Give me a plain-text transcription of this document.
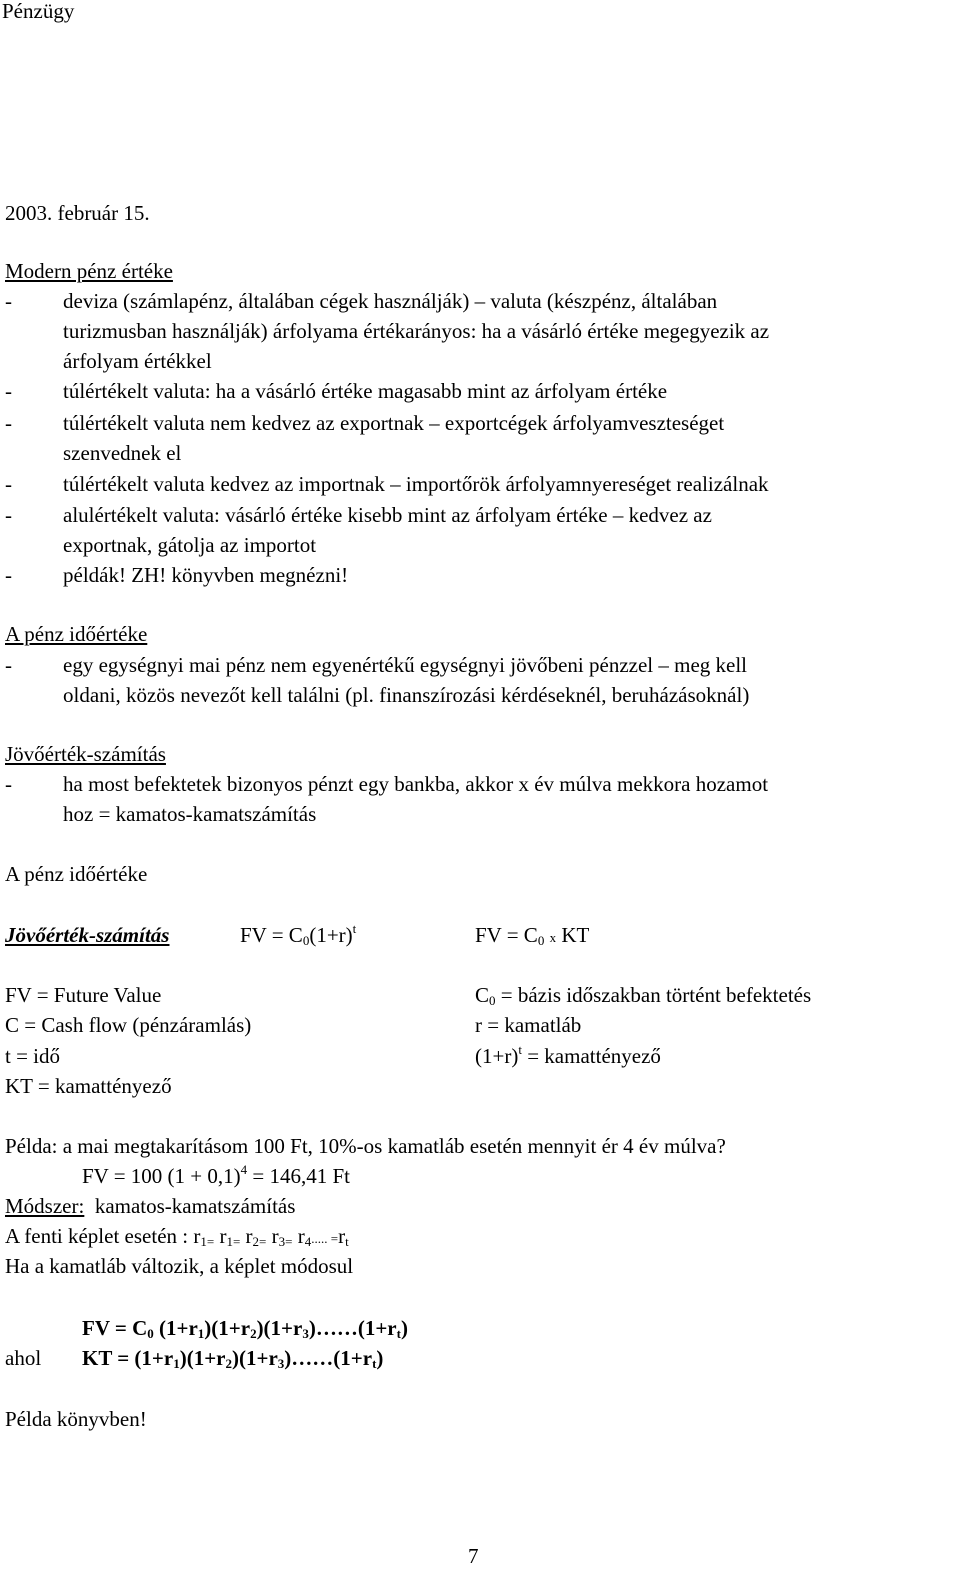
Pénzügy
2003. február 15.
Modern pénz értéke
- deviza (számlapénz, általában cégek használják) – valuta (készpénz, általában
turizmusban használják) árfolyama értékarányos: ha a vásárló értéke megegyezik az
árfolyam értékkel
- túlértékelt valuta: ha a vásárló értéke magasabb mint az árfolyam értéke
- túlértékelt valuta nem kedvez az exportnak – exportcégek árfolyamveszteséget
szenvednek el
- túlértékelt valuta kedvez az importnak – importőrök árfolyamnyereséget realizálnak
- alulértékelt valuta: vásárló értéke kisebb mint az árfolyam értéke – kedvez az
exportnak, gátolja az importot
- példák! ZH! könyvben megnézni!
A pénz időértéke
- egy egységnyi mai pénz nem egyenértékű egységnyi jövőbeni pénzzel – meg kell
oldani, közös nevezőt kell találni (pl. finanszírozási kérdéseknél, beruházásoknál)
Jövőérték-számítás
- ha most befektetek bizonyos pénzt egy bankba, akkor x év múlva mekkora hozamot
hoz = kamatos-kamatszámítás
A pénz időértéke
Jövőérték-számítás	FV = $C_0(1+r)^t$	FV = $C_0$ x KT
FV = Future Value
C = Cash flow (pénzáramlás)
t = idő
KT = kamattényező
$C_0$ = bázis időszakban történt befektetés
r = kamatláb
$(1+r)^t$ = kamattényező
Példa: a mai megtakarításom 100 Ft, 10%-os kamatláb esetén mennyit ér 4 év múlva?
FV = 100 $(1 + 0,1)^4 = 146,41$ Ft
Módszer: kamatos-kamatszámítás
A fenti képlet esetén : $r_{1=}$ $r_{1=}$ $r_{2=}$ $r_{3=}$ $r_4$..... $=r_t$
Ha a kamatláb változik, a képlet módosul
FV = $C_0$ $(1+r_1)(1+r_2)(1+r_3)\dots\dots(1+r_t)$
ahol KT = $(1+r_1)(1+r_2)(1+r_3)\dots\dots(1+r_t)$
Példa könyvben!
7
